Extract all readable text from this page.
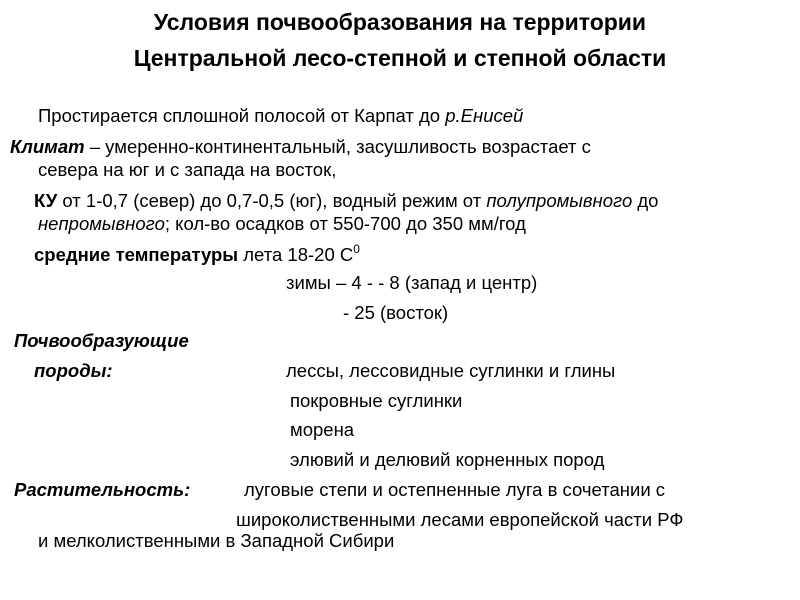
Условия почвообразования на территории
Центральной лесо-степной и степной области

Простирается сплошной полосой от Карпат до р.Енисей

Климат – умеренно-континентальный, засушливость возрастает с

севера на юг и с запада на восток,

КУ от 1-0,7 (север) до 0,7-0,5 (юг), водный режим от полупромывного до

непромывного; кол-во осадков от 550-700 до 350 мм/год

средние температуры лета 18-20 $С^0$

зимы – 4 - - 8 (запад и центр)

- 25 (восток)

Почвообразующие

породы:	лессы, лессовидные суглинки и глины

покровные суглинки

морена

элювий и делювий корненных пород

Растительность:	луговые степи и остепненные луга в сочетании с

широколиственными лесами европейской части РФ

и мелколиственными в Западной Сибири
